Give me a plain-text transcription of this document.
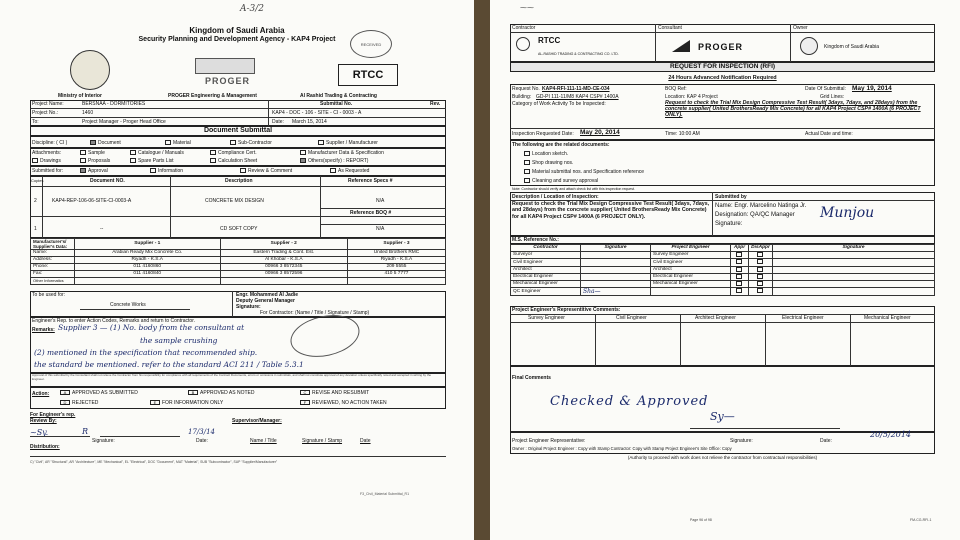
A-3/2
Kingdom of Saudi Arabia
Security Planning and Development Agency - KAP4 Project
RECEIVED
Ministry of Interior
PROGER
PROGER Engineering & Management
RTCC
Al Rashid Trading & Contracting
Project Name:	BERSNAA - DORMITORIES	Submittal No.	Rev.
Project No.:	1460	KAP4 - DOC - 106 - SITE - CI - 0003 - A
To:	Project Manager - Proger Head Office	Date: March 15, 2014
Document Submittal
Discipline: ( CI )	Document	Material	Sub-Contractor	Supplier / Manufacturer
Attachments:	Sample	Catalogue / Manuals	Compliance Cert.	Manufacturer Data & Specification
Drawings	Proposals	Spare Parts List	Calculation Sheet	Others(specify) : REPORT)
Submitted for:	Approval	Information	Review & Comment	As Requested
Copies	Document NO.	Description	Reference Specs #
2	KAP4-REP-106-06-SITE-CI-0003-A	CONCRETE MIX DESIGN	N/A
Reference BOQ #
1	--	CD SOFT COPY	N/A
Manufacturer's/ Supplier's Data:	Supplier - 1	Supplier - 2	Supplier - 3
Name:	Arabian Ready Mix Concrete Co.	Eastern Trading & Cont. Est.	United Brothers RMC
Address:	Riyadh - K.S.A	Al Khobar - K.S.A	Riyadh - K.S.A
Phone:	011 4160860	00966 3 8572345	209 5555
Fax:	011 4160840	00966 3 8572596	410 5 7777
Other Informatics			
To be used for:
Concrete Works
Engr. Mohammed Al Jadie
Deputy General Manager
Signature:
For Contractor: (Name / Title / Signature / Stamp)
Engineer's Rep. to enter Action Codes, Remarks and return to Contractor.
Remarks: Supplier 3 — (1) No. body from the consultant at
the sample crushing
(2) mentioned in the specification that recommended ship.
the standard be mentioned. refer to the standard ACI 211 / Table 5.3.1
Approval of this submittal by the Consultant shall not relieve the Contractor from his responsibility for compliance with all requirements of the Contract Documents, errors or omissions in submittals, and shall not constitute approval of any deviation unless specifically noted and accepted in writing by the Engineer.
Action:	A APPROVED AS SUBMITTED	B APPROVED AS NOTED	C REVISE AND RESUBMIT
D REJECTED	E FOR INFORMATION ONLY	F REVIEWED, NO ACTION TAKEN
For Engineer's rep.
Review By:	Supervisor/Manager:
~Sy.	R
Signature:
17/3/14
Date:	Name / Title	Signature / Stamp	Date
Distribution:
C) "Civil", AR "Structural", AR "Architecture", ME "Mechanical", EL "Electrical", DOC "Document", MAT "Material", SUB "Subcontractor", SUP "Supplier/Manufacturer"
F3_Civil_Material Submittal_R1
⁓⁓
Contractor	Consultant	Owner
RTCC
AL-RASHID TRADING & CONTRACTING CO. LTD.
PROGER	Kingdom of Saudi Arabia
REQUEST FOR INSPECTION (RFI)
24 Hours Advanced Notification Required
Request No. KAP4-RFI-111-11-MD-CE-034	BOQ Ref:	Date Of Submittal: May 19, 2014
Building: GD-PI 111-11/M8 KAP4 CSP# 1400A	Location: KAP 4 Project	Grid Lines:
Category of Work Activity To be Inspected:	Request to check the Trial Mix Design Compressive Test Result( 3days, 7days, and 28days) from the concrete supplier( United BrothersReady Mix Concrete) for all KAP4 Project CSP# 1400A (6 PROJECT ONLY).
Inspection Requested Date: May 20, 2014	Time: 10:00 AM	Actual Date and time:
The following are the related documents:
Location sketch.
Shop drawing nos.
Material submittal nos. and Specification reference
Cleaning and survey approval
Note: Contractor should verify and attach check list with this inspection request.
Description / Location of Inspection:
Request to check the Trial Mix Design Compressive Test Result( 3days, 7days, and 28days) from the concrete supplier( United BrothersReady Mix Concrete) for all KAP4 Project CSP# 1400A (6 PROJECT ONLY).
Submitted by
Name: Engr. Marcelino Natinga Jr.
Designation: QA/QC Manager
Signature:
Munjou
M.S. Reference No.:
Contractor	Signature	Project Engineer	Appr	DisAppr	Signature
Surveyor		Survey Engineer			
Civil Engineer		Civil Engineer			
Architect		Architect			
Electrical Engineer		Electrical Engineer			
Mechanical Engineer		Mechanical Engineer			
QC Engineer	Sha—				
Project Engineer's Representitive Comments:
Survey Engineer	Civil Engineer	Architect Engineer	Electrical Engineer	Mechanical Engineer
Final Comments
Checked & Approved
Sy—
Project Engineer Representative:	Signature:	Date:
20/5/2014
Owner : Original Project Engineer : Copy with Stamp Contractor: Copy with Stamp Project Engineer's Site Office: Copy
(Authority to proceed with work does not relieve the contractor from contractual responsibilities)
Page 96 of 98	FM-CG-RFI-1
